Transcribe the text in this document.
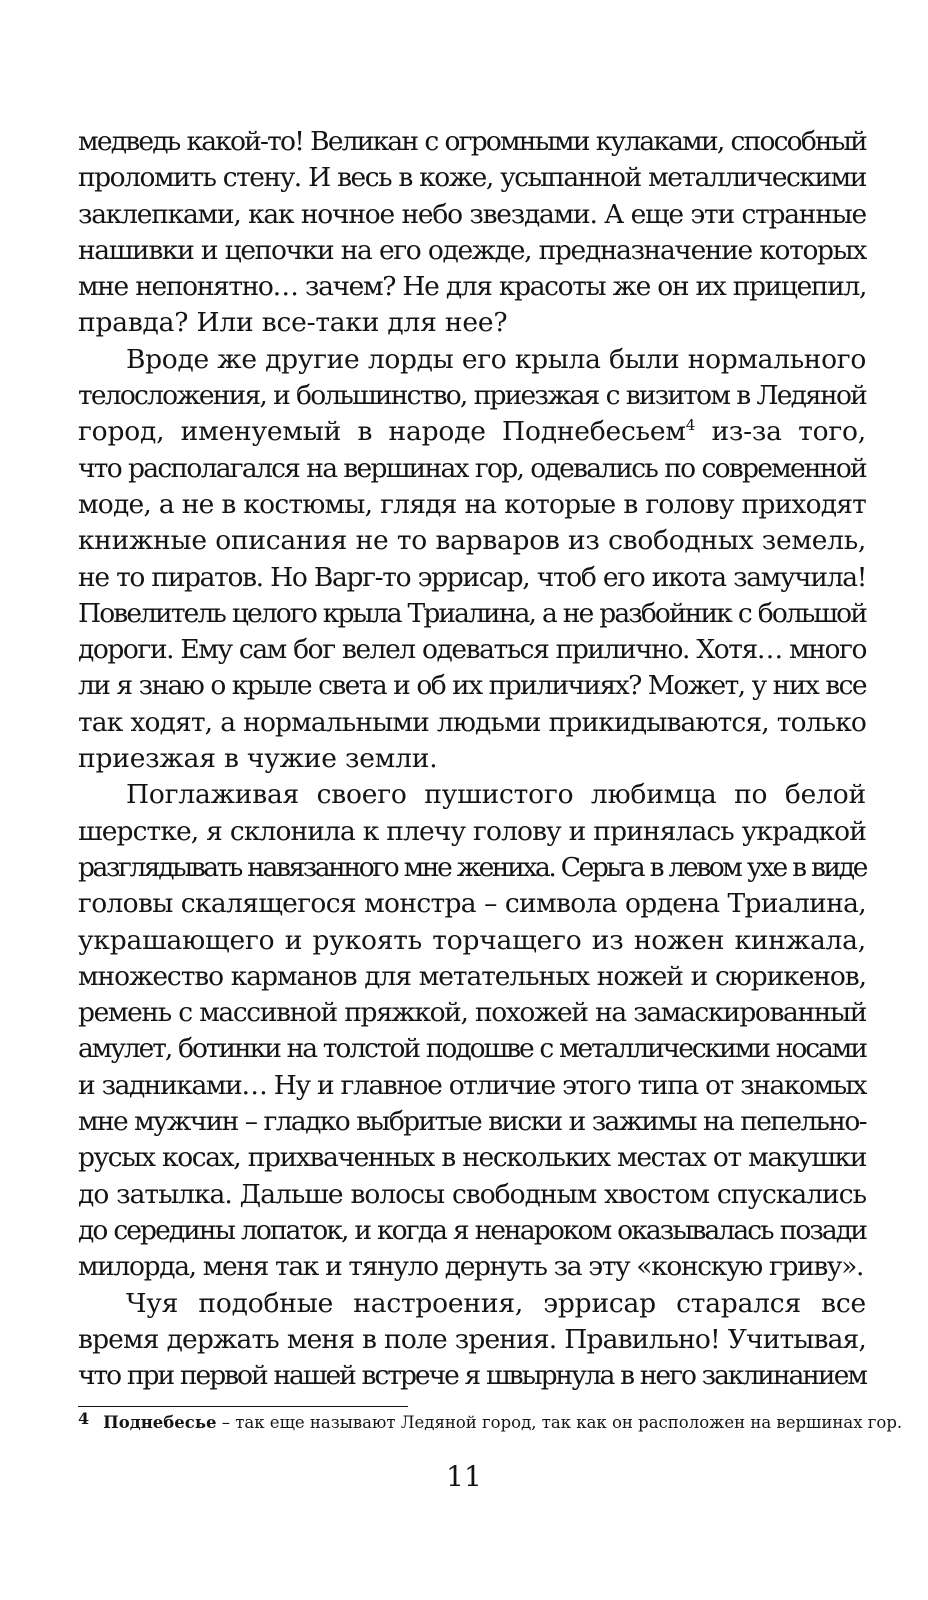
медведь какой-то! Великан с огромными кулаками, способный
проломить стену. И весь в коже, усыпанной металлическими
заклепками, как ночное небо звездами. А еще эти странные
нашивки и цепочки на его одежде, предназначение которых
мне непонятно… зачем? Не для красоты же он их прицепил,
правда? Или все-таки для нее?

Вроде же другие лорды его крыла были нормального
телосложения, и большинство, приезжая с визитом в Ледяной
город, именуемый в народе Поднебесьем$^4$ из-за того,
что располагался на вершинах гор, одевались по современной
моде, а не в костюмы, глядя на которые в голову приходят
книжные описания не то варваров из свободных земель,
не то пиратов. Но Варг-то эррисар, чтоб его икота замучила!
Повелитель целого крыла Триалина, а не разбойник с большой
дороги. Ему сам бог велел одеваться прилично. Хотя… много
ли я знаю о крыле света и об их приличиях? Может, у них все
так ходят, а нормальными людьми прикидываются, только
приезжая в чужие земли.

Поглаживая своего пушистого любимца по белой
шерстке, я склонила к плечу голову и принялась украдкой
разглядывать навязанного мне жениха. Серьга в левом ухе в виде
головы скалящегося монстра – символа ордена Триалина,
украшающего и рукоять торчащего из ножен кинжала,
множество карманов для метательных ножей и сюрикенов,
ремень с массивной пряжкой, похожей на замаскированный
амулет, ботинки на толстой подошве с металлическими носами
и задниками… Ну и главное отличие этого типа от знакомых
мне мужчин – гладко выбритые виски и зажимы на пепельно-
русых косах, прихваченных в нескольких местах от макушки
до затылка. Дальше волосы свободным хвостом спускались
до середины лопаток, и когда я ненароком оказывалась позади
милорда, меня так и тянуло дернуть за эту «конскую гриву».

Чуя подобные настроения, эррисар старался все
время держать меня в поле зрения. Правильно! Учитывая,
что при первой нашей встрече я швырнула в него заклинанием

4 Поднебесье – так еще называют Ледяной город, так как он расположен на вершинах гор.
11
